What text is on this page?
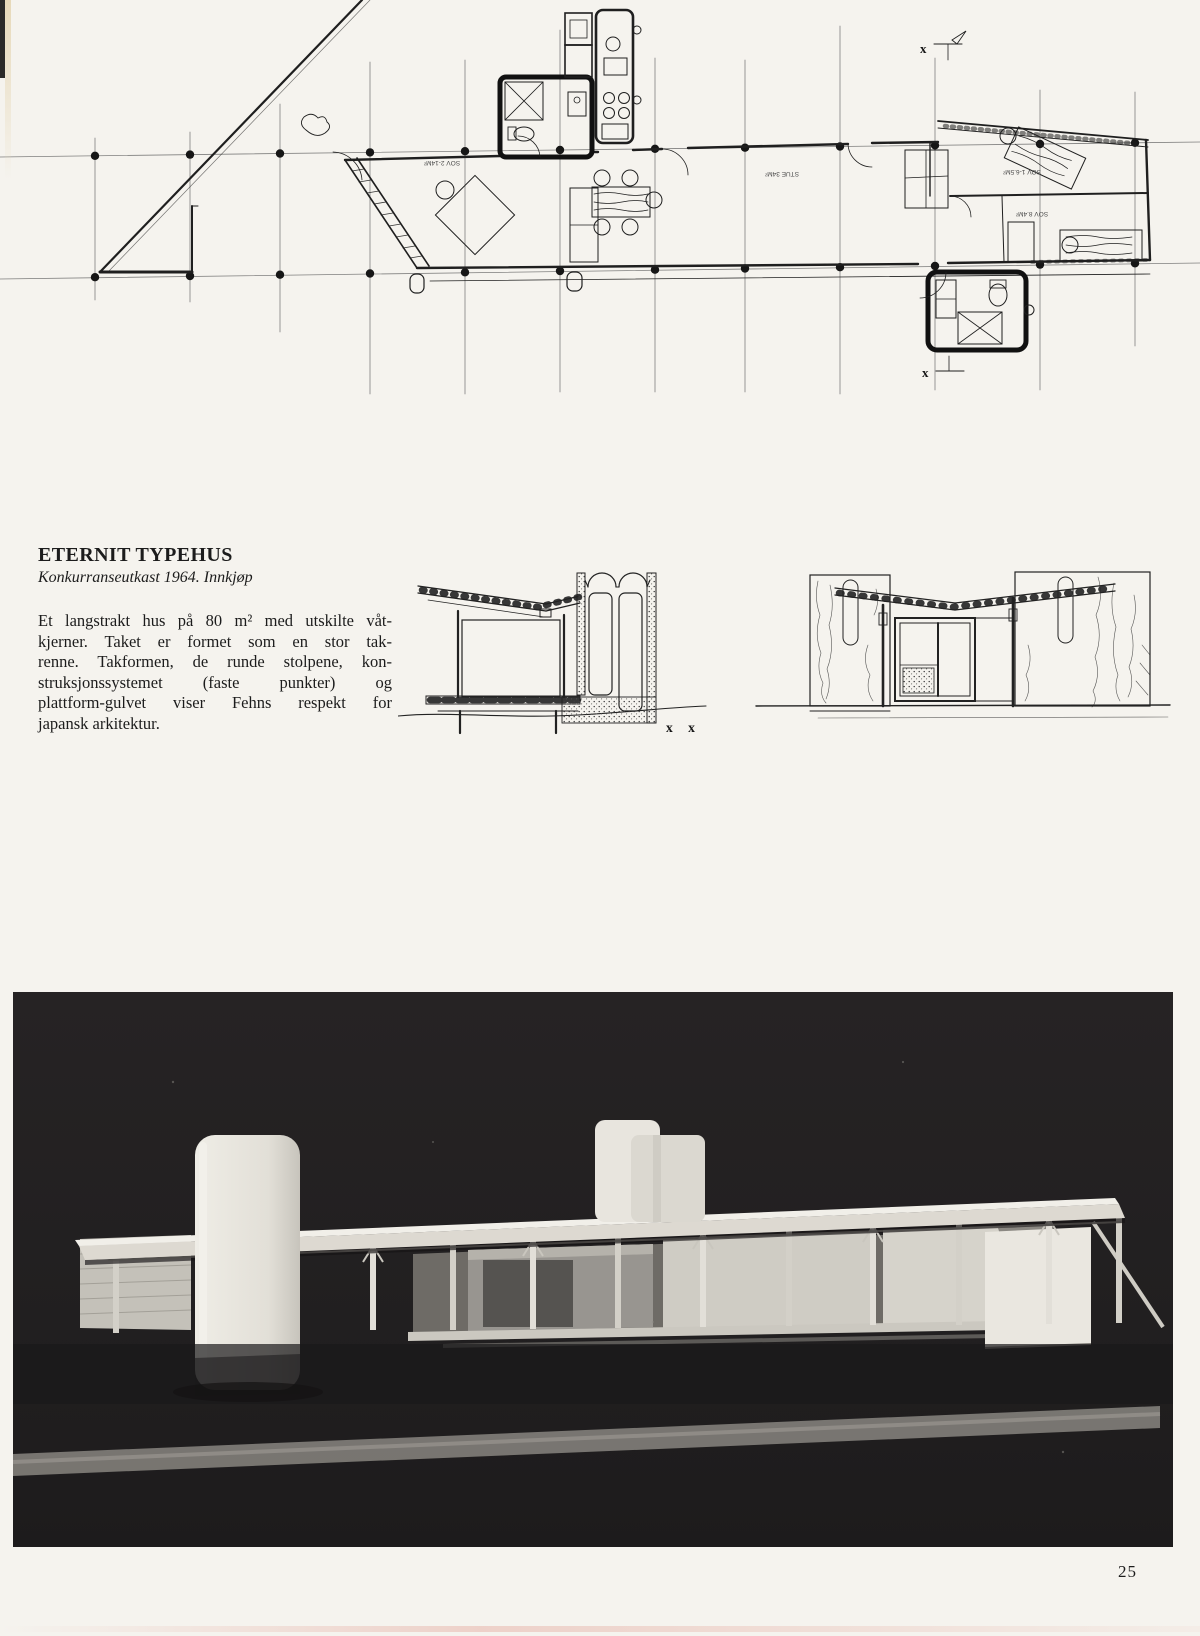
STUE 34M²
SOV 2-14M²
SOV 1-6.5M²
SOV 8.4M²
x
x
ETERNIT TYPEHUS

Konkurranseutkast 1964. Innkjøp

Et langstrakt hus på 80 m² med utskilte våt-
kjerner. Taket er formet som en stor tak-
renne. Takformen, de runde stolpene, kon-
struksjonssystemet (faste punkter) og
plattform-gulvet viser Fehns respekt for
japansk arkitektur.	x x
25
